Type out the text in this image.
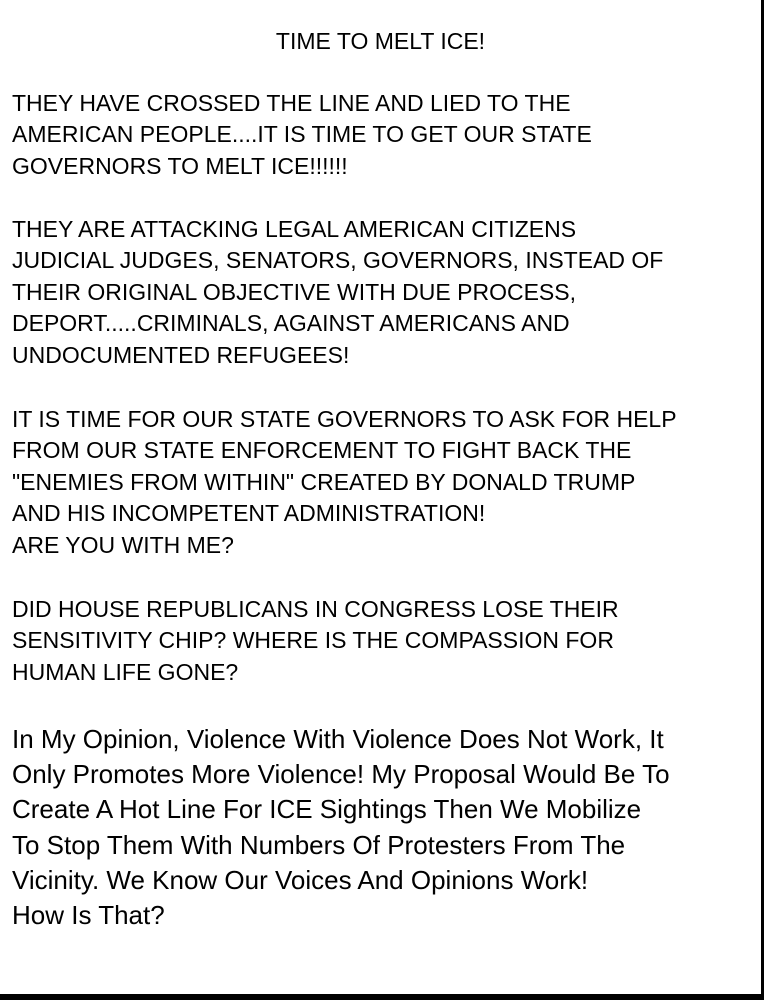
TIME TO MELT ICE!

THEY HAVE CROSSED THE LINE AND LIED TO THE
AMERICAN PEOPLE....IT IS TIME TO GET OUR STATE
GOVERNORS TO MELT ICE!!!!!!

THEY ARE ATTACKING LEGAL AMERICAN CITIZENS
JUDICIAL JUDGES, SENATORS, GOVERNORS, INSTEAD OF
THEIR ORIGINAL OBJECTIVE WITH DUE PROCESS,
DEPORT.....CRIMINALS, AGAINST AMERICANS AND
UNDOCUMENTED REFUGEES!

IT IS TIME FOR OUR STATE GOVERNORS TO ASK FOR HELP
FROM OUR STATE ENFORCEMENT TO FIGHT BACK THE
"ENEMIES FROM WITHIN" CREATED BY DONALD TRUMP
AND HIS INCOMPETENT ADMINISTRATION!
ARE YOU WITH ME?

DID HOUSE REPUBLICANS IN CONGRESS LOSE THEIR
SENSITIVITY CHIP? WHERE IS THE COMPASSION FOR
HUMAN LIFE GONE?

In My Opinion, Violence With Violence Does Not Work, It
Only Promotes More Violence! My Proposal Would Be To
Create A Hot Line For ICE Sightings Then We Mobilize
To Stop Them With Numbers Of Protesters From The
Vicinity. We Know Our Voices And Opinions Work!
How Is That?
